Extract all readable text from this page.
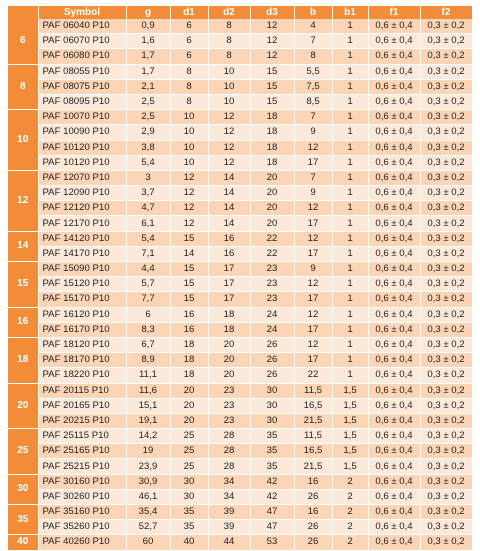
	Symbol	g	d1	d2	d3	b	b1	f1	f2
6	PAF 06040 P10	0,9	6	8	12	4	1	0,6 ± 0,4	0,3 ± 0,2
	PAF 06070 P10	1,6	6	8	12	7	1	0,6 ± 0,4	0,3 ± 0,2
	PAF 06080 P10	1,7	6	8	12	8	1	0,6 ± 0,4	0,3 ± 0,2
8	PAF 08055 P10	1,7	8	10	15	5,5	1	0,6 ± 0,4	0,3 ± 0,2
	PAF 08075 P10	2,1	8	10	15	7,5	1	0,6 ± 0,4	0,3 ± 0,2
	PAF 08095 P10	2,5	8	10	15	8,5	1	0,6 ± 0,4	0,3 ± 0,2
10	PAF 10070 P10	2,5	10	12	18	7	1	0,6 ± 0,4	0,3 ± 0,2
	PAF 10090 P10	2,9	10	12	18	9	1	0,6 ± 0,4	0,3 ± 0,2
	PAF 10120 P10	3,8	10	12	18	12	1	0,6 ± 0,4	0,3 ± 0,2
	PAF 10120 P10	5,4	10	12	18	17	1	0,6 ± 0,4	0,3 ± 0,2
12	PAF 12070 P10	3	12	14	20	7	1	0,6 ± 0,4	0,3 ± 0,2
	PAF 12090 P10	3,7	12	14	20	9	1	0,6 ± 0,4	0,3 ± 0,2
	PAF 12120 P10	4,7	12	14	20	12	1	0,6 ± 0,4	0,3 ± 0,2
	PAF 12170 P10	6,1	12	14	20	17	1	0,6 ± 0,4	0,3 ± 0,2
14	PAF 14120 P10	5,4	15	16	22	12	1	0,6 ± 0,4	0,3 ± 0,2
	PAF 14170 P10	7,1	14	16	22	17	1	0,6 ± 0,4	0,3 ± 0,2
15	PAF 15090 P10	4,4	15	17	23	9	1	0,6 ± 0,4	0,3 ± 0,2
	PAF 15120 P10	5,7	15	17	23	12	1	0,6 ± 0,4	0,3 ± 0,2
	PAF 15170 P10	7,7	15	17	23	17	1	0,6 ± 0,4	0,3 ± 0,2
16	PAF 16120 P10	6	16	18	24	12	1	0,6 ± 0,4	0,3 ± 0,2
	PAF 16170 P10	8,3	16	18	24	17	1	0,6 ± 0,4	0,3 ± 0,2
18	PAF 18120 P10	6,7	18	20	26	12	1	0,6 ± 0,4	0,3 ± 0,2
	PAF 18170 P10	8,9	18	20	26	17	1	0,6 ± 0,4	0,3 ± 0,2
	PAF 18220 P10	11,1	18	20	26	22	1	0,6 ± 0,4	0,3 ± 0,2
20	PAF 20115 P10	11,6	20	23	30	11,5	1,5	0,6 ± 0,4	0,3 ± 0,2
	PAF 20165 P10	15,1	20	23	30	16,5	1,5	0,6 ± 0,4	0,3 ± 0,2
	PAF 20215 P10	19,1	20	23	30	21,5	1,5	0,6 ± 0,4	0,3 ± 0,2
25	PAF 25115 P10	14,2	25	28	35	11,5	1,5	0,6 ± 0,4	0,3 ± 0,2
	PAF 25165 P10	19	25	28	35	16,5	1,5	0,6 ± 0,4	0,3 ± 0,2
	PAF 25215 P10	23,9	25	28	35	21,5	1,5	0,6 ± 0,4	0,3 ± 0,2
30	PAF 30160 P10	30,9	30	34	42	16	2	0,6 ± 0,4	0,3 ± 0,2
	PAF 30260 P10	46,1	30	34	42	26	2	0,6 ± 0,4	0,3 ± 0,2
35	PAF 35160 P10	35,4	35	39	47	16	2	0,6 ± 0,4	0,3 ± 0,2
	PAF 35260 P10	52,7	35	39	47	26	2	0,6 ± 0,4	0,3 ± 0,2
40	PAF 40260 P10	60	40	44	53	26	2	0,6 ± 0,4	0,3 ± 0,2
